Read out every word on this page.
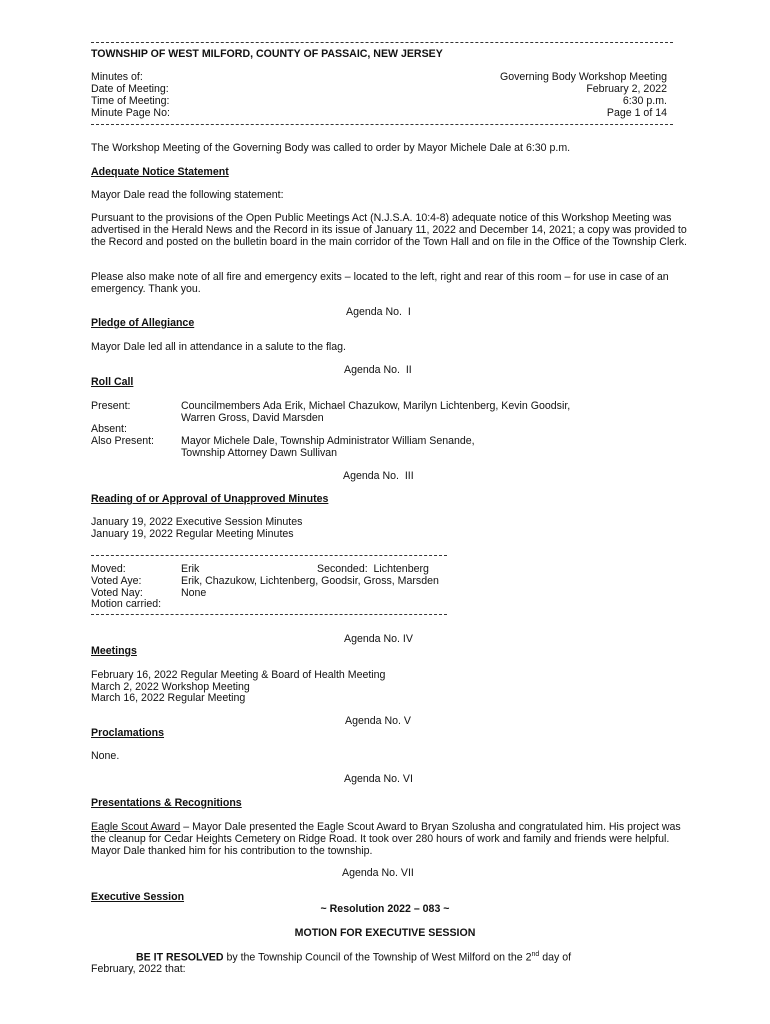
TOWNSHIP OF WEST MILFORD, COUNTY OF PASSAIC, NEW JERSEY
Minutes of:	Governing Body Workshop Meeting
Date of Meeting:	February 2, 2022
Time of Meeting:	6:30 p.m.
Minute Page No:	Page 1 of 14
The Workshop Meeting of the Governing Body was called to order by Mayor Michele Dale at 6:30 p.m.
Adequate Notice Statement
Mayor Dale read the following statement:
Pursuant to the provisions of the Open Public Meetings Act (N.J.S.A. 10:4-8) adequate notice of this Workshop Meeting was advertised in the Herald News and the Record in its issue of January 11, 2022 and December 14, 2021; a copy was provided to the Record and posted on the bulletin board in the main corridor of the Town Hall and on file in the Office of the Township Clerk.
Please also make note of all fire and emergency exits – located to the left, right and rear of this room – for use in case of an emergency. Thank you.
Agenda No.  I
Pledge of Allegiance
Mayor Dale led all in attendance in a salute to the flag.
Agenda No.  II
Roll Call
Present:	Councilmembers Ada Erik, Michael Chazukow, Marilyn Lichtenberg, Kevin Goodsir,
Warren Gross, David Marsden
Absent:
Also Present:	Mayor Michele Dale, Township Administrator William Senande,
Township Attorney Dawn Sullivan
Agenda No.  III
Reading of or Approval of Unapproved Minutes
January 19, 2022 Executive Session Minutes
January 19, 2022 Regular Meeting Minutes
Moved:	Erik	Seconded:  Lichtenberg
Voted Aye:	Erik, Chazukow, Lichtenberg, Goodsir, Gross, Marsden
Voted Nay:	None
Motion carried:
Agenda No. IV
Meetings
February 16, 2022 Regular Meeting & Board of Health Meeting
March 2, 2022 Workshop Meeting
March 16, 2022 Regular Meeting
Agenda No. V
Proclamations
None.
Agenda No. VI
Presentations & Recognitions
Eagle Scout Award – Mayor Dale presented the Eagle Scout Award to Bryan Szolusha and congratulated him. His project was the cleanup for Cedar Heights Cemetery on Ridge Road. It took over 280 hours of work and family and friends were helpful. Mayor Dale thanked him for his contribution to the township.
Agenda No. VII
Executive Session
~ Resolution 2022 – 083 ~
MOTION FOR EXECUTIVE SESSION
BE IT RESOLVED by the Township Council of the Township of West Milford on the 2nd day of
February, 2022 that:
